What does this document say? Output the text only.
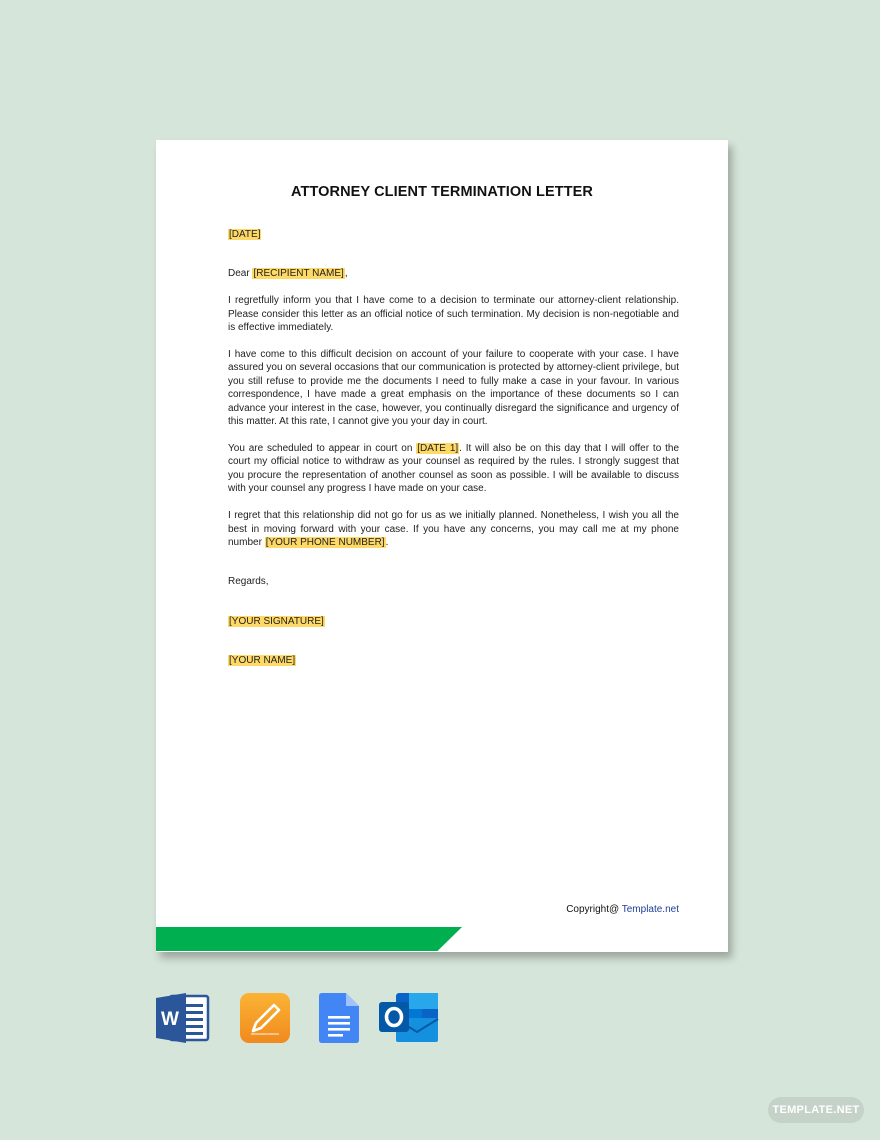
ATTORNEY CLIENT TERMINATION LETTER

[DATE]

Dear [RECIPIENT NAME],

I regretfully inform you that I have come to a decision to terminate our attorney-client relationship. Please consider this letter as an official notice of such termination. My decision is non-negotiable and is effective immediately.

I have come to this difficult decision on account of your failure to cooperate with your case. I have assured you on several occasions that our communication is protected by attorney-client privilege, but you still refuse to provide me the documents I need to fully make a case in your favour. In various correspondence, I have made a great emphasis on the importance of these documents so I can advance your interest in the case, however, you continually disregard the significance and urgency of this matter. At this rate, I cannot give you your day in court.

You are scheduled to appear in court on [DATE 1]. It will also be on this day that I will offer to the court my official notice to withdraw as your counsel as required by the rules. I strongly suggest that you procure the representation of another counsel as soon as possible. I will be available to discuss with your counsel any progress I have made on your case.

I regret that this relationship did not go for us as we initially planned. Nonetheless, I wish you all the best in moving forward with your case. If you have any concerns, you may call me at my phone number [YOUR PHONE NUMBER].

Regards,

[YOUR SIGNATURE]

[YOUR NAME]

Copyright@ Template.net
W
TEMPLATE.NET
